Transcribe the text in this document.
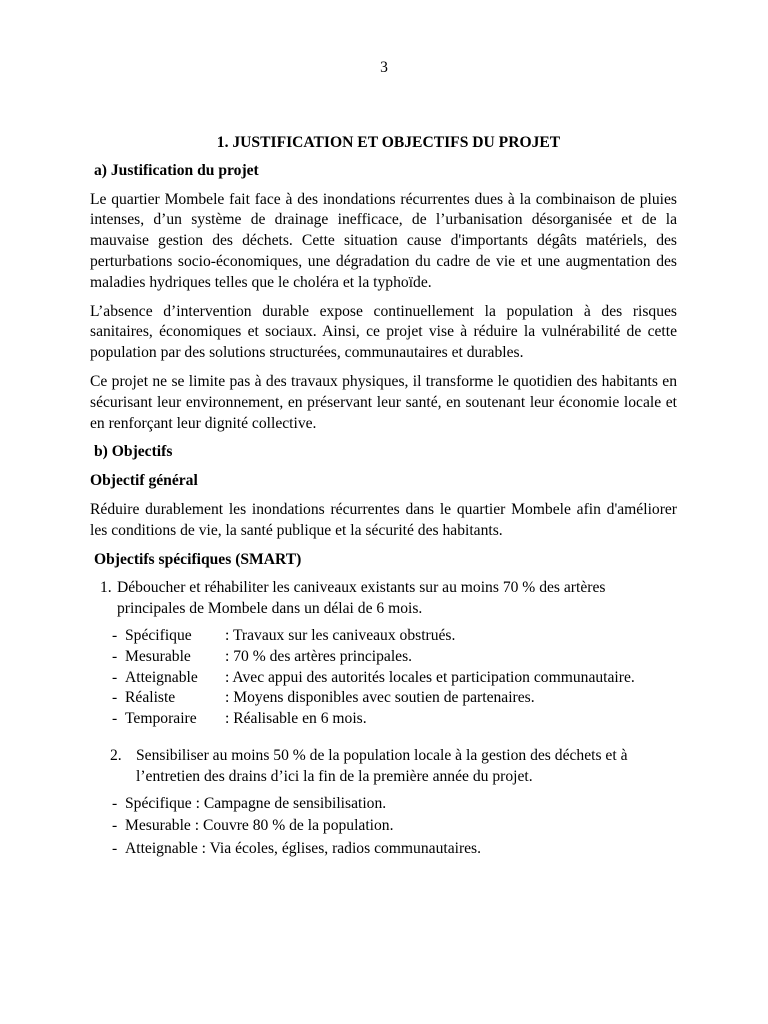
3
1. JUSTIFICATION ET OBJECTIFS DU PROJET
a) Justification du projet

Le quartier Mombele fait face à des inondations récurrentes dues à la combinaison de pluies intenses, d’un système de drainage inefficace, de l’urbanisation désorganisée et de la mauvaise gestion des déchets. Cette situation cause d'importants dégâts matériels, des perturbations socio-économiques, une dégradation du cadre de vie et une augmentation des maladies hydriques telles que le choléra et la typhoïde.

L’absence d’intervention durable expose continuellement la population à des risques sanitaires, économiques et sociaux. Ainsi, ce projet vise à réduire la vulnérabilité de cette population par des solutions structurées, communautaires et durables.

Ce projet ne se limite pas à des travaux physiques, il transforme le quotidien des habitants en sécurisant leur environnement, en préservant leur santé, en soutenant leur économie locale et en renforçant leur dignité collective.

b) Objectifs
Objectif général

Réduire durablement les inondations récurrentes dans le quartier Mombele afin d'améliorer les conditions de vie, la santé publique et la sécurité des habitants.

Objectifs spécifiques (SMART)
1. Déboucher et réhabiliter les caniveaux existants sur au moins 70 % des artères principales de Mombele dans un délai de 6 mois.
- Spécifique : Travaux sur les caniveaux obstrués.
- Mesurable : 70 % des artères principales.
- Atteignable : Avec appui des autorités locales et participation communautaire.
- Réaliste	: Moyens disponibles avec soutien de partenaires.
- Temporaire : Réalisable en 6 mois.
2. Sensibiliser au moins 50 % de la population locale à la gestion des déchets et à l’entretien des drains d’ici la fin de la première année du projet.
- Spécifique : Campagne de sensibilisation.
- Mesurable : Couvre 80 % de la population.
- Atteignable : Via écoles, églises, radios communautaires.
